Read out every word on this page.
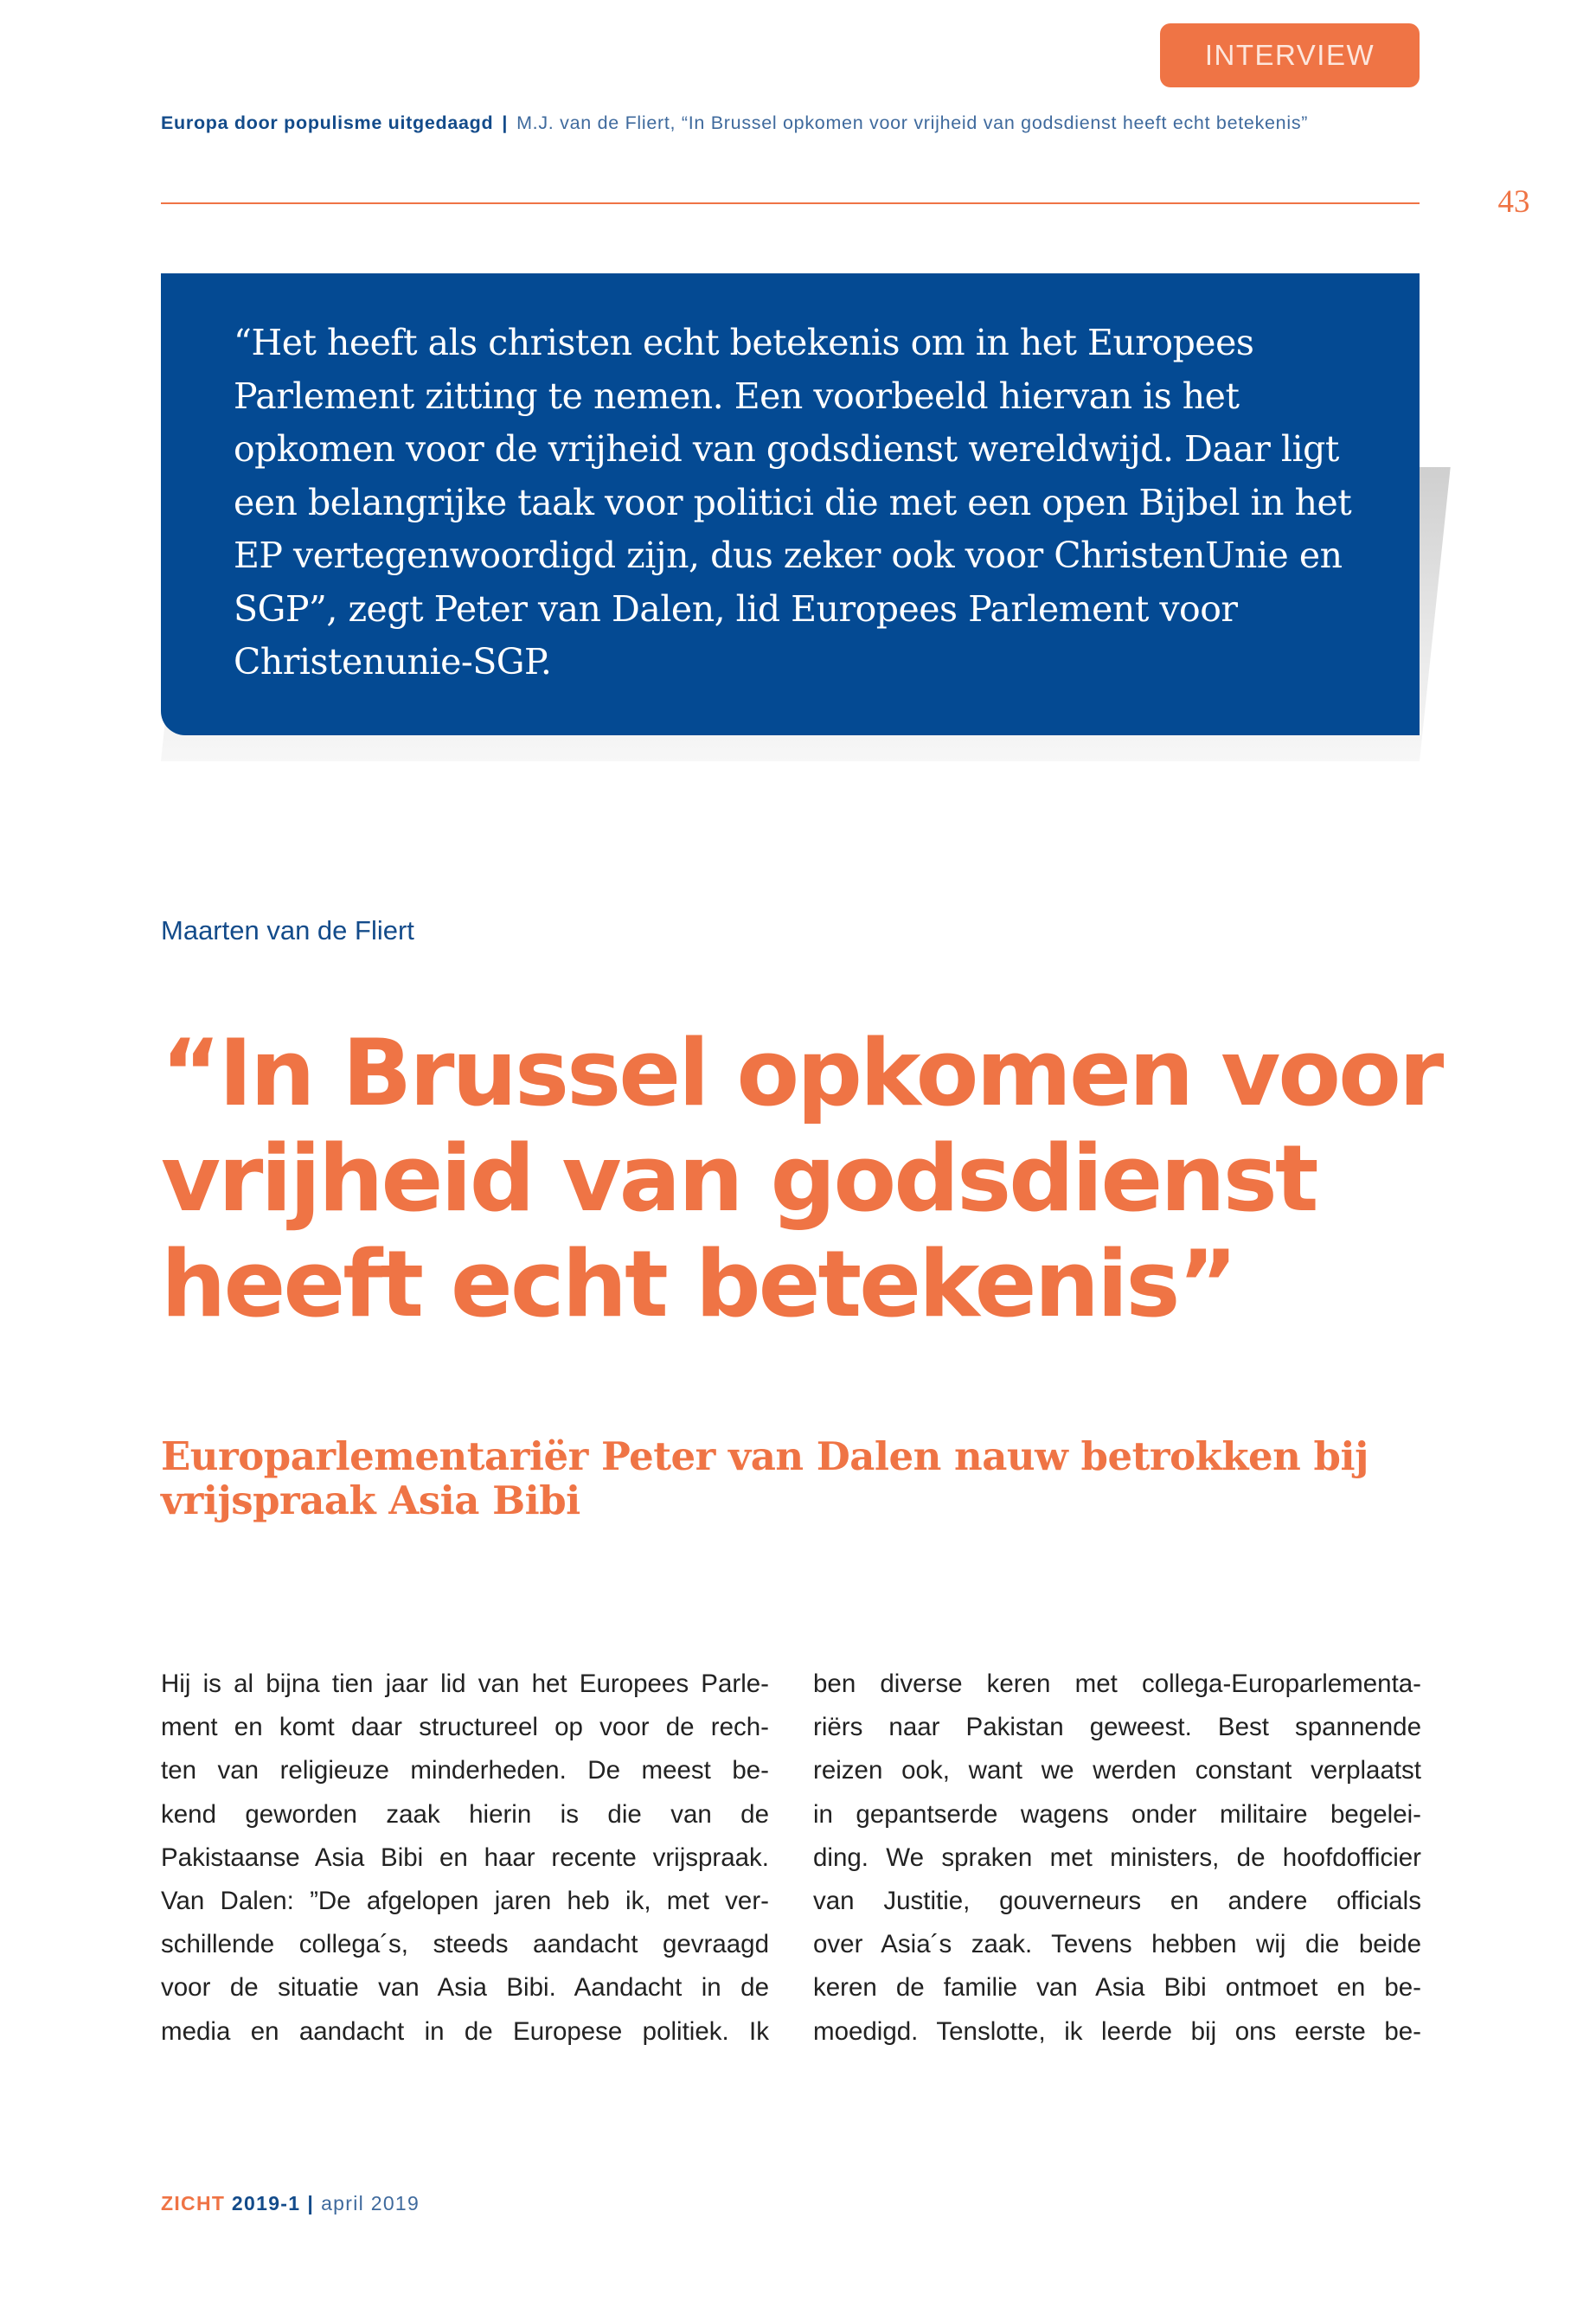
INTERVIEW
Europa door populisme uitgedaagd | M.J. van de Fliert, “In Brussel opkomen voor vrijheid van godsdienst heeft echt betekenis”
43

“Het heeft als christen echt betekenis om in het Europees Parlement zitting te nemen. Een voorbeeld hiervan is het opkomen voor de vrijheid van godsdienst wereldwijd. Daar ligt een belangrijke taak voor politici die met een open Bijbel in het EP vertegenwoordigd zijn, dus zeker ook voor ChristenUnie en SGP”, zegt Peter van Dalen, lid Europees Parlement voor Christenunie-SGP.

Maarten van de Fliert
“In Brussel opkomen voor
vrijheid van godsdienst
heeft echt betekenis”
Europarlementariër Peter van Dalen nauw betrokken bij vrijspraak Asia Bibi
Hij is al bijna tien jaar lid van het Europees Parle-
ment en komt daar structureel op voor de rech-
ten van religieuze minderheden. De meest be-
kend geworden zaak hierin is die van de
Pakistaanse Asia Bibi en haar recente vrijspraak.
Van Dalen: ”De afgelopen jaren heb ik, met ver-
schillende collega´s, steeds aandacht gevraagd
voor de situatie van Asia Bibi. Aandacht in de
media en aandacht in de Europese politiek. Ik
ben diverse keren met collega-Europarlementa-
riërs naar Pakistan geweest. Best spannende
reizen ook, want we werden constant verplaatst
in gepantserde wagens onder militaire begelei-
ding. We spraken met ministers, de hoofdofficier
van Justitie, gouverneurs en andere officials
over Asia´s zaak. Tevens hebben wij die beide
keren de familie van Asia Bibi ontmoet en be-
moedigd. Tenslotte, ik leerde bij ons eerste be-
ZICHT 2019-1 | april 2019
